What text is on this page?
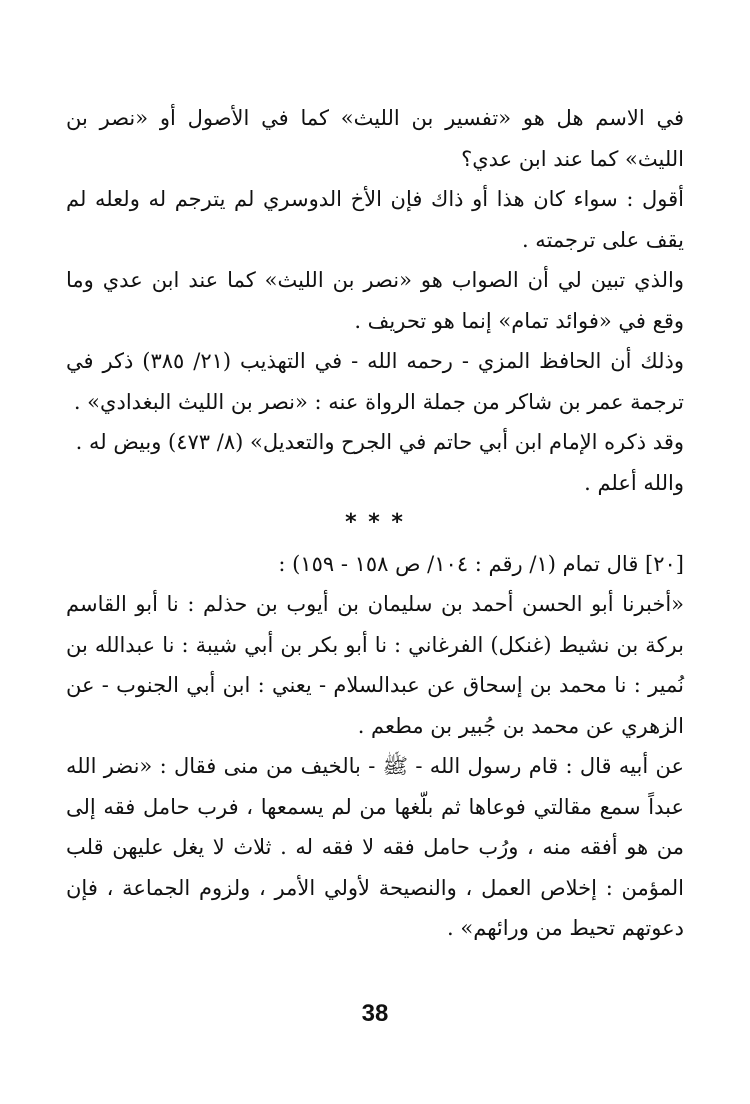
في الاسم هل هو «تفسير بن الليث» كما في الأصول أو «نصر بن الليث» كما عند ابن عدي؟

أقول : سواء كان هذا أو ذاك فإن الأخ الدوسري لم يترجم له ولعله لم يقف على ترجمته .

والذي تبين لي أن الصواب هو «نصر بن الليث» كما عند ابن عدي وما وقع في «فوائد تمام» إنما هو تحريف .

وذلك أن الحافظ المزي - رحمه الله - في التهذيب (٢١/ ٣٨٥) ذكر في ترجمة عمر بن شاكر من جملة الرواة عنه : «نصر بن الليث البغدادي» .

وقد ذكره الإمام ابن أبي حاتم في الجرح والتعديل» (٨/ ٤٧٣) وبيض له .

والله أعلم .

* * *

[٢٠] قال تمام (١/ رقم : ١٠٤/ ص ١٥٨ - ١٥٩) :

«أخبرنا أبو الحسن أحمد بن سليمان بن أيوب بن حذلم : نا أبو القاسم بركة بن نشيط (غنكل) الفرغاني : نا أبو بكر بن أبي شيبة : نا عبدالله بن نُمير : نا محمد بن إسحاق عن عبدالسلام - يعني : ابن أبي الجنوب - عن الزهري عن محمد بن جُبير بن مطعم .

عن أبيه قال : قام رسول الله - ﷺ - بالخيف من منى فقال : «نضر الله عبداً سمع مقالتي فوعاها ثم بلّغها من لم يسمعها ، فرب حامل فقه إلى من هو أفقه منه ، ورُب حامل فقه لا فقه له . ثلاث لا يغل عليهن قلب المؤمن : إخلاص العمل ، والنصيحة لأولي الأمر ، ولزوم الجماعة ، فإن دعوتهم تحيط من ورائهم» .

38
